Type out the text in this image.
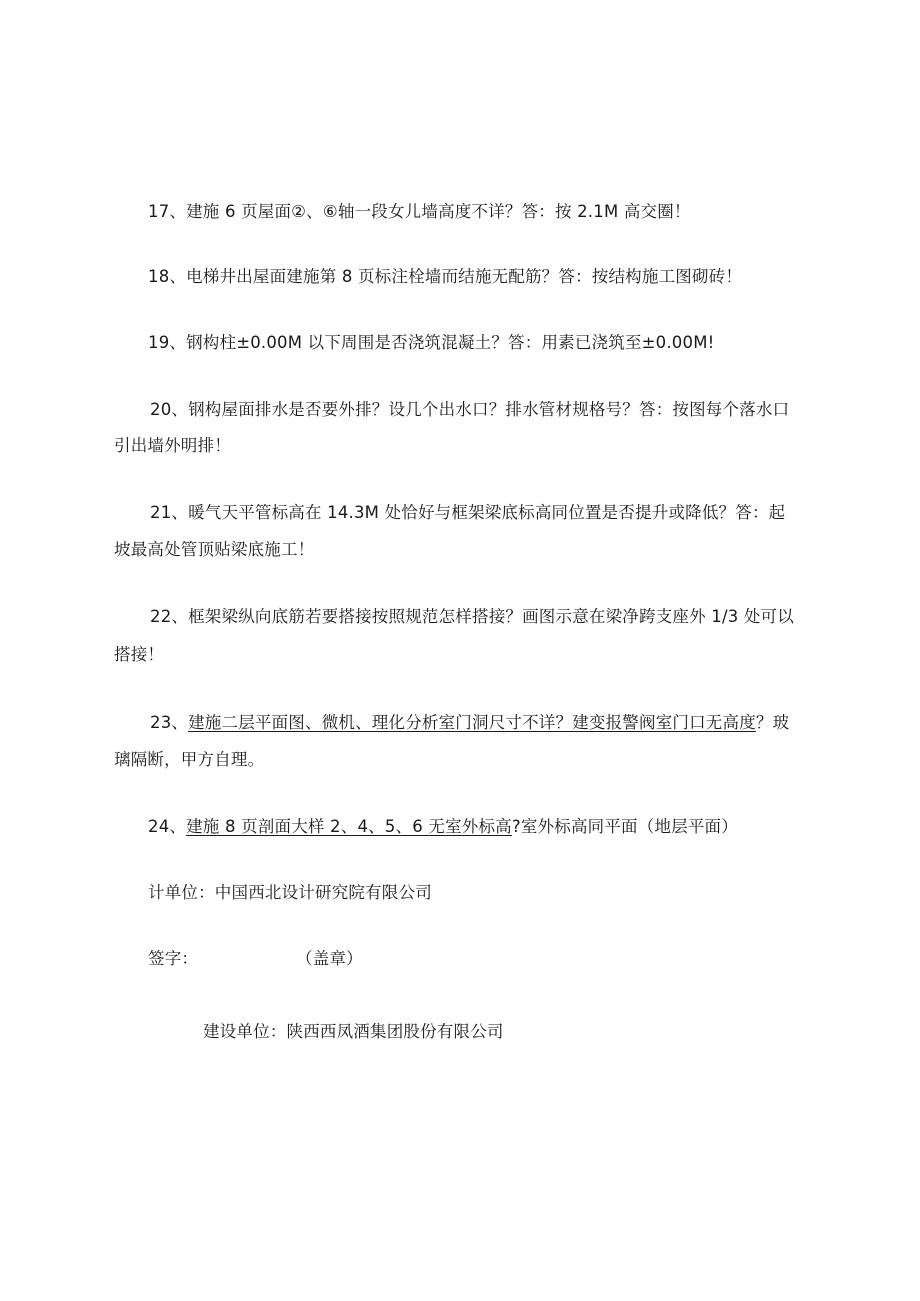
17、建施 6 页屋面②、⑥轴一段女儿墙高度不详？答：按 2.1M 高交圈！
18、电梯井出屋面建施第 8 页标注栓墙而结施无配筋？答：按结构施工图砌砖！
19、钢构柱±0.00M 以下周围是否浇筑混凝土？答：用素已浇筑至±0.00M!
20、钢构屋面排水是否要外排？设几个出水口？排水管材规格号？答：按图每个落水口
引出墙外明排！
21、暖气天平管标高在 14.3M 处恰好与框架梁底标高同位置是否提升或降低？答：起
坡最高处管顶贴梁底施工！
22、框架梁纵向底筋若要搭接按照规范怎样搭接？画图示意在梁净跨支座外 1/3 处可以
搭接！
23、建施二层平面图、微机、理化分析室门洞尺寸不详？建变报警阀室门口无高度？玻
璃隔断，甲方自理。
24、建施 8 页剖面大样 2、4、5、6 无室外标高?室外标高同平面（地层平面）
计单位：中国西北设计研究院有限公司
签字：	（盖章）
建设单位：陕西西凤酒集团股份有限公司
